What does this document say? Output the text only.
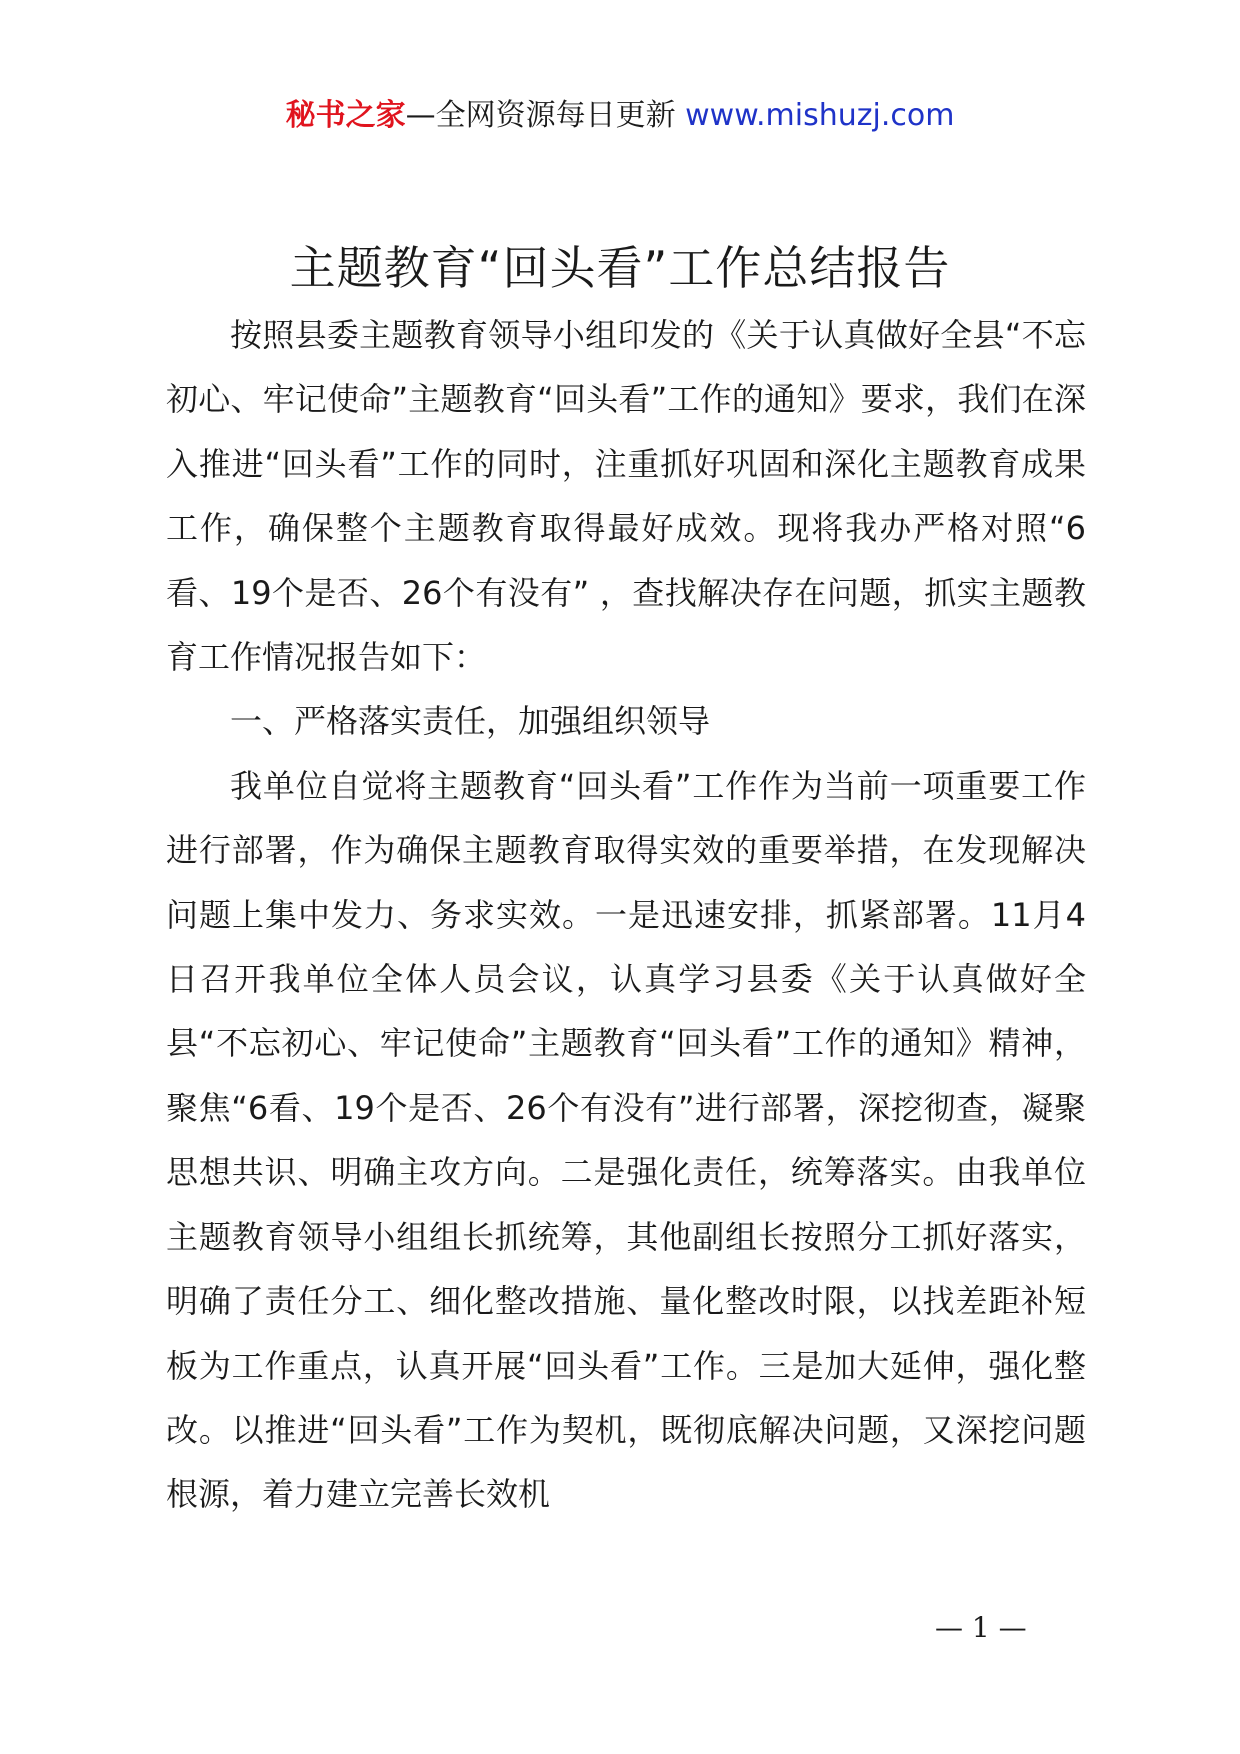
秘书之家—全网资源每日更新 www.mishuzj.com
主题教育“回头看”工作总结报告

按照县委主题教育领导小组印发的《关于认真做好全县“不忘初心、牢记使命”主题教育“回头看”工作的通知》要求，我们在深入推进“回头看”工作的同时，注重抓好巩固和深化主题教育成果工作，确保整个主题教育取得最好成效。现将我办严格对照“6看、19个是否、26个有没有” ，查找解决存在问题，抓实主题教育工作情况报告如下：

一、严格落实责任，加强组织领导

我单位自觉将主题教育“回头看”工作作为当前一项重要工作进行部署，作为确保主题教育取得实效的重要举措，在发现解决问题上集中发力、务求实效。一是迅速安排，抓紧部署。11月4日召开我单位全体人员会议，认真学习县委《关于认真做好全县“不忘初心、牢记使命”主题教育“回头看”工作的通知》精神，聚焦“6看、19个是否、26个有没有”进行部署，深挖彻查，凝聚思想共识、明确主攻方向。二是强化责任，统筹落实。由我单位主题教育领导小组组长抓统筹，其他副组长按照分工抓好落实，明确了责任分工、细化整改措施、量化整改时限，以找差距补短板为工作重点，认真开展“回头看”工作。三是加大延伸，强化整改。以推进“回头看”工作为契机，既彻底解决问题，又深挖问题根源，着力建立完善长效机

— 1 —
